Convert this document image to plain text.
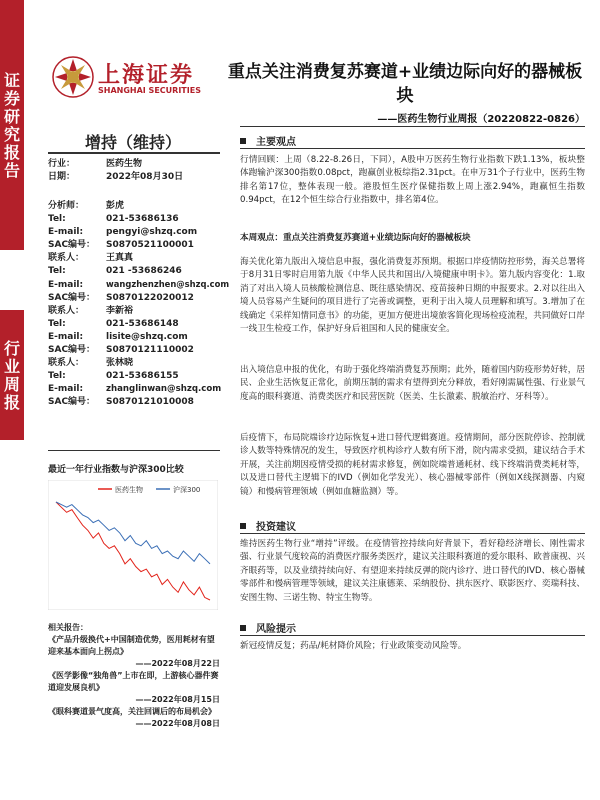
证券研究报告
行业周报
上海证券
SHANGHAI SECURITIES
重点关注消费复苏赛道+业绩边际向好的器械板块
——医药生物行业周报（20220822-0826）
增持（维持）
行业：	医药生物
日期：	2022年08月30日
分析师： 彭虎
Tel:	021-53686136
E-mail:	pengyi@shzq.com
SAC编号： S0870521100001
联系人： 王真真
Tel:	021 -53686246
E-mail:	wangzhenzhen@shzq.com
SAC编号： S0870122020012
联系人： 李新裕
Tel:	021-53686148
E-mail:	lisite@shzq.com
SAC编号： S0870121110002
联系人： 张林晓
Tel:	021-53686155
E-mail:	zhanglinwan@shzq.com
SAC编号： S0870121010008
最近一年行业指数与沪深300比较
医药生物	沪深300
相关报告：
《产品升级换代+中国制造优势，医用耗材有望迎来基本面向上拐点》
——2022年08月22日
《医学影像“独角兽”上市在即，上游核心器件赛道迎发展良机》
——2022年08月15日
《眼科赛道景气度高，关注回调后的布局机会》
——2022年08月08日
主要观点
行情回顾：上周（8.22-8.26日，下同），A股申万医药生物行业指数下跌1.13%，板块整体跑输沪深300指数0.08pct，跑赢创业板综指2.31pct。在申万31个子行业中，医药生物排名第17位，整体表现一般。港股恒生医疗保健指数上周上涨2.94%，跑赢恒生指数0.94pct，在12个恒生综合行业指数中，排名第4位。
本周观点：重点关注消费复苏赛道+业绩边际向好的器械板块
海关优化第九版出入境信息申报，强化消费复苏预期。根据口岸疫情防控形势，海关总署将于8月31日零时启用第九版《中华人民共和国出/入境健康申明卡》。第九版内容变化：1.取消了对出入境人员核酸检测信息、既往感染情况、疫苗接种日期的申报要求。2.对以往出入境人员容易产生疑问的项目进行了完善或调整，更利于出入境人员理解和填写。3.增加了在线确定《采样知情同意书》的功能，更加方便进出境旅客简化现场检疫流程，共同做好口岸一线卫生检疫工作，保护好身后祖国和人民的健康安全。
出入境信息申报的优化，有助于强化终端消费复苏预期；此外，随着国内防疫形势好转，居民、企业生活恢复正常化，前期压制的需求有望得到充分释放，看好刚需属性强、行业景气度高的眼科赛道、消费类医疗和民营医院（医美、生长激素、脱敏治疗、牙科等）。
后疫情下，布局院端诊疗边际恢复+进口替代逻辑赛道。疫情期间，部分医院停诊、控制就诊人数等特殊情况的发生，导致医疗机构诊疗人数有所下滑，院内需求受损，建议结合手术开展，关注前期因疫情受损的耗材需求修复，例如院端普通耗材、线下终端消费类耗材等，以及进口替代主逻辑下的IVD（例如化学发光）、核心器械零部件（例如X线探测器、内窥镜）和慢病管理领域（例如血糖监测）等。
投资建议
维持医药生物行业“增持”评级。在疫情管控持续向好背景下，看好稳经济增长、刚性需求强、行业景气度较高的消费医疗服务类医疗，建议关注眼科赛道的爱尔眼科、欧普康视、兴齐眼药等，以及业绩持续向好、有望迎来持续反弹的院内诊疗、进口替代的IVD、核心器械零部件和慢病管理等领域，建议关注康德莱、采纳股份、拱东医疗、联影医疗、奕瑞科技、安图生物、三诺生物、特宝生物等。
风险提示
新冠疫情反复；药品/耗材降价风险；行业政策变动风险等。
